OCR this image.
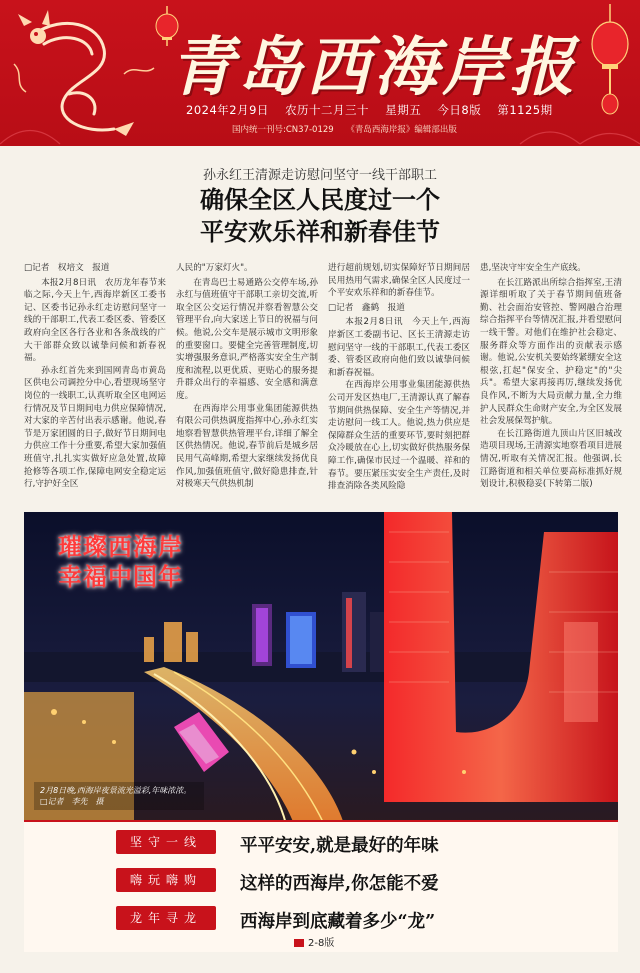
青岛西海岸报
2024年2月9日 农历十二月三十 星期五 今日8版 第1125期
国内统一刊号:CN37-0129 《青岛西海岸报》编辑部出版
孙永红王清源走访慰问坚守一线干部职工
确保全区人民度过一个
平安欢乐祥和新春佳节

□记者　权培文　报道

本报2月8日讯　农历龙年春节来临之际,今天上午,西海岸新区工委书记、区委书记孙永红走访慰问坚守一线的干部职工,代表工委区委、管委区政府向全区各行各业和各条战线的广大干部群众致以诚挚问候和新春祝福。

孙永红首先来到国网青岛市黄岛区供电公司调控分中心,看望现场坚守岗位的一线职工,认真听取全区电网运行情况及节日期间电力供应保障情况,对大家的辛苦付出表示感谢。他说,春节是万家团圆的日子,做好节日期间电力供应工作十分重要,希望大家加强值班值守,扎扎实实做好应急处置,故障抢修等各项工作,保障电网安全稳定运行,守护好全区

人民的"万家灯火"。

在青岛巴士易通路公交停车场,孙永红与值班值守干部职工亲切交流,听取全区公交运行情况并察看智慧公交管理平台,向大家送上节日的祝福与问候。他说,公交车是展示城市文明形象的重要窗口。要健全完善管理制度,切实增强服务意识,严格落实安全生产制度和流程,以更优质、更贴心的服务提升群众出行的幸福感、安全感和满意度。

在西海岸公用事业集团能源供热有限公司供热调度指挥中心,孙永红实地察看智慧供热管理平台,详细了解全区供热情况。他说,春节前后是城乡居民用气高峰期,希望大家继续发扬优良作风,加强值班值守,做好隐患排查,针对极寒天气供热机制

进行超前规划,切实保障好节日期间居民用热用气需求,确保全区人民度过一个平安欢乐祥和的新春佳节。

□记者　鑫鹤　报道

本报2月8日讯　今天上午,西海岸新区工委副书记、区长王清源走访慰问坚守一线的干部职工,代表工委区委、管委区政府向他们致以诚挚问候和新春祝福。

在西海岸公用事业集团能源供热公司开发区热电厂,王清源认真了解春节期间供热保障、安全生产等情况,并走访慰问一线工人。他说,热力供应是保障群众生活的重要环节,要时刻把群众冷暖放在心上,切实做好供热服务保障工作,确保市民过一个温暖、祥和的春节。要压紧压实安全生产责任,及时排查消除各类风险隐

患,坚决守牢安全生产底线。

在长江路派出所综合指挥室,王清源详细听取了关于春节期间值班备勤、社会面治安管控、警网融合治理综合指挥平台等情况汇报,并看望慰问一线干警。对他们在维护社会稳定、服务群众等方面作出的贡献表示感谢。他说,公安机关要始终紧绷安全这根弦,扛起"保安全、护稳定"的"尖兵"。希望大家再接再厉,继续发扬优良作风,不断为大局贡献力量,全力维护人民群众生命财产安全,为全区发展社会发展保驾护航。

在长江路街道九顶山片区旧城改造项目现场,王清源实地察看项目进展情况,听取有关情况汇报。他强调,长江路街道和相关单位要高标准抓好规划设计,积极稳妥(下转第二版)

璀璨西海岸
幸福中国年
2月8日晚,西海岸夜景流光溢彩,年味浓浓。□记者　李先　摄
坚守一线
嗨玩嗨购
龙年寻龙
平平安安,就是最好的年味
这样的西海岸,你怎能不爱
西海岸到底藏着多少“龙”
2-8版
